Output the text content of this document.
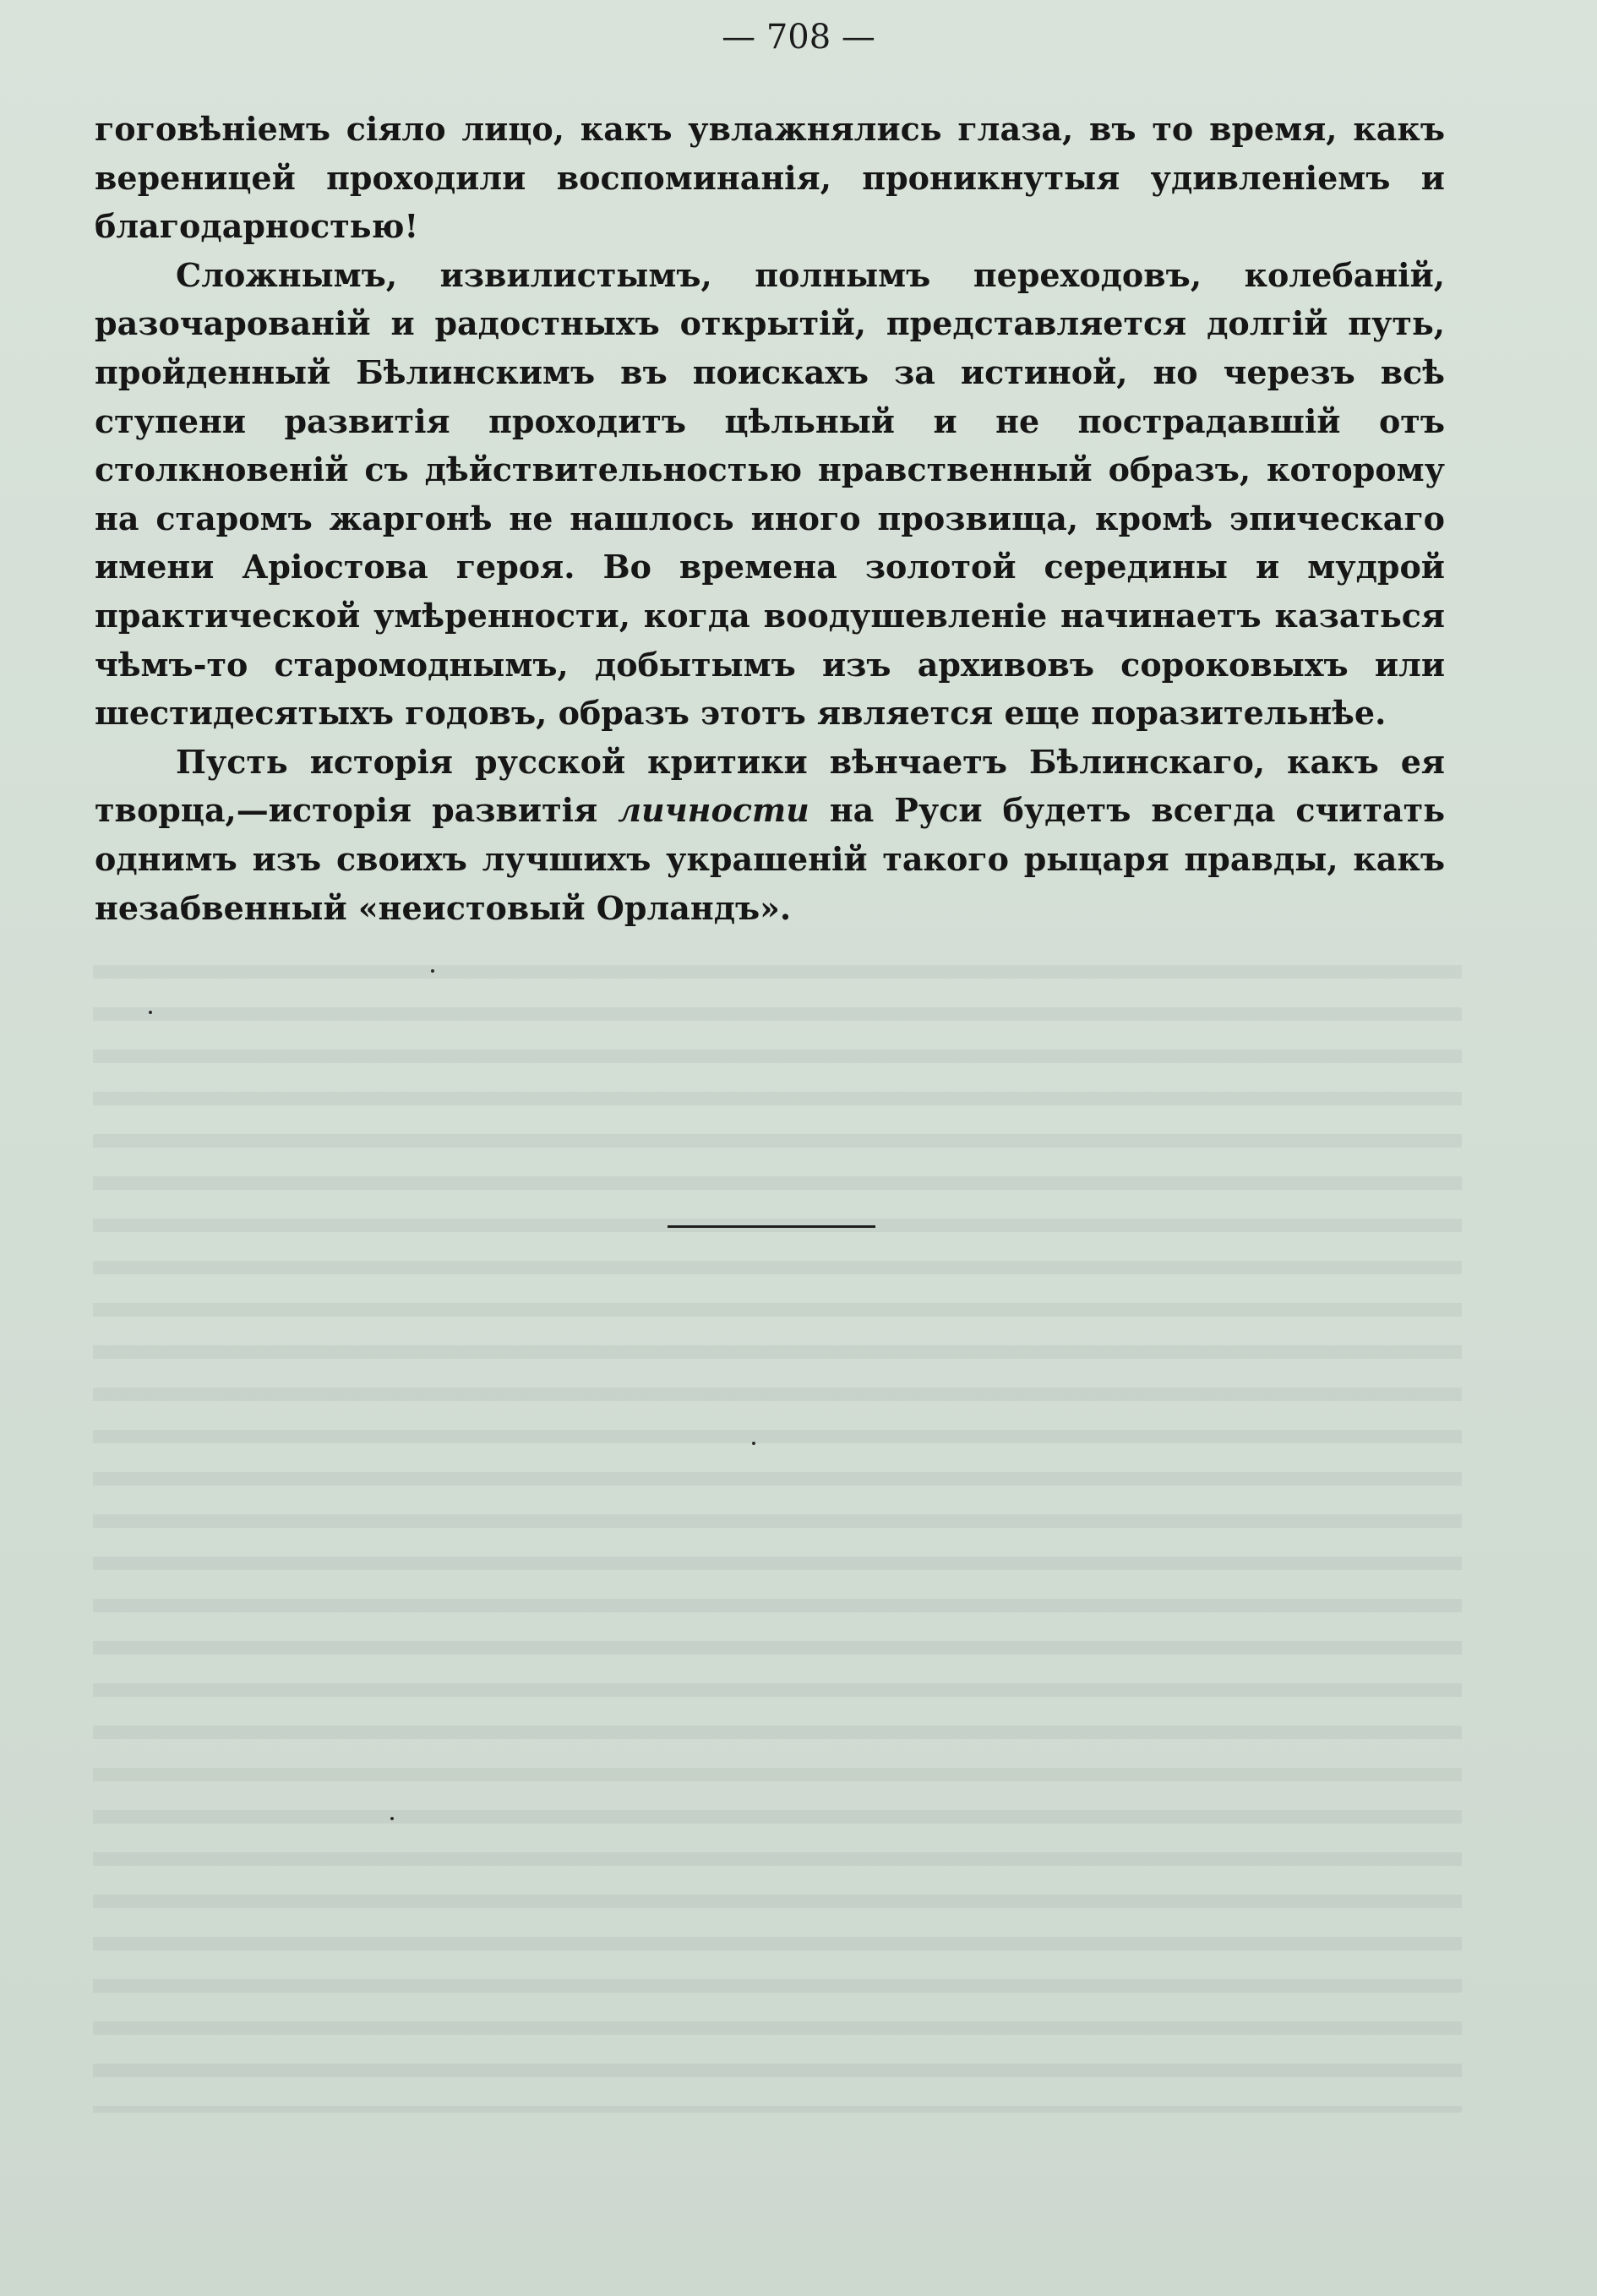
— 708 —

гоговѣніемъ сіяло лицо, какъ увлажнялись глаза, въ то время, какъ вереницей проходили воспоминанія, проникнутыя удивленіемъ и благодарностью!

Сложнымъ, извилистымъ, полнымъ переходовъ, колебаній, разочарованій и радостныхъ открытій, представляется долгій путь, пройденный Бѣлинскимъ въ поискахъ за истиной, но черезъ всѣ ступени развитія проходитъ цѣльный и не пострадавшій отъ столкновеній съ дѣйствительностью нравственный образъ, которому на старомъ жаргонѣ не нашлось иного прозвища, кромѣ эпическаго имени Аріостова героя. Во времена золотой середины и мудрой практической умѣренности, когда воодушевленіе начинаетъ казаться чѣмъ-то старомоднымъ, добытымъ изъ архивовъ сороковыхъ или шестидесятыхъ годовъ, образъ этотъ является еще поразительнѣе.

Пусть исторія русской критики вѣнчаетъ Бѣлинскаго, какъ ея творца,—исторія развитія личности на Руси будетъ всегда считать однимъ изъ своихъ лучшихъ украшеній такого рыцаря правды, какъ незабвенный «неистовый Орландъ».
